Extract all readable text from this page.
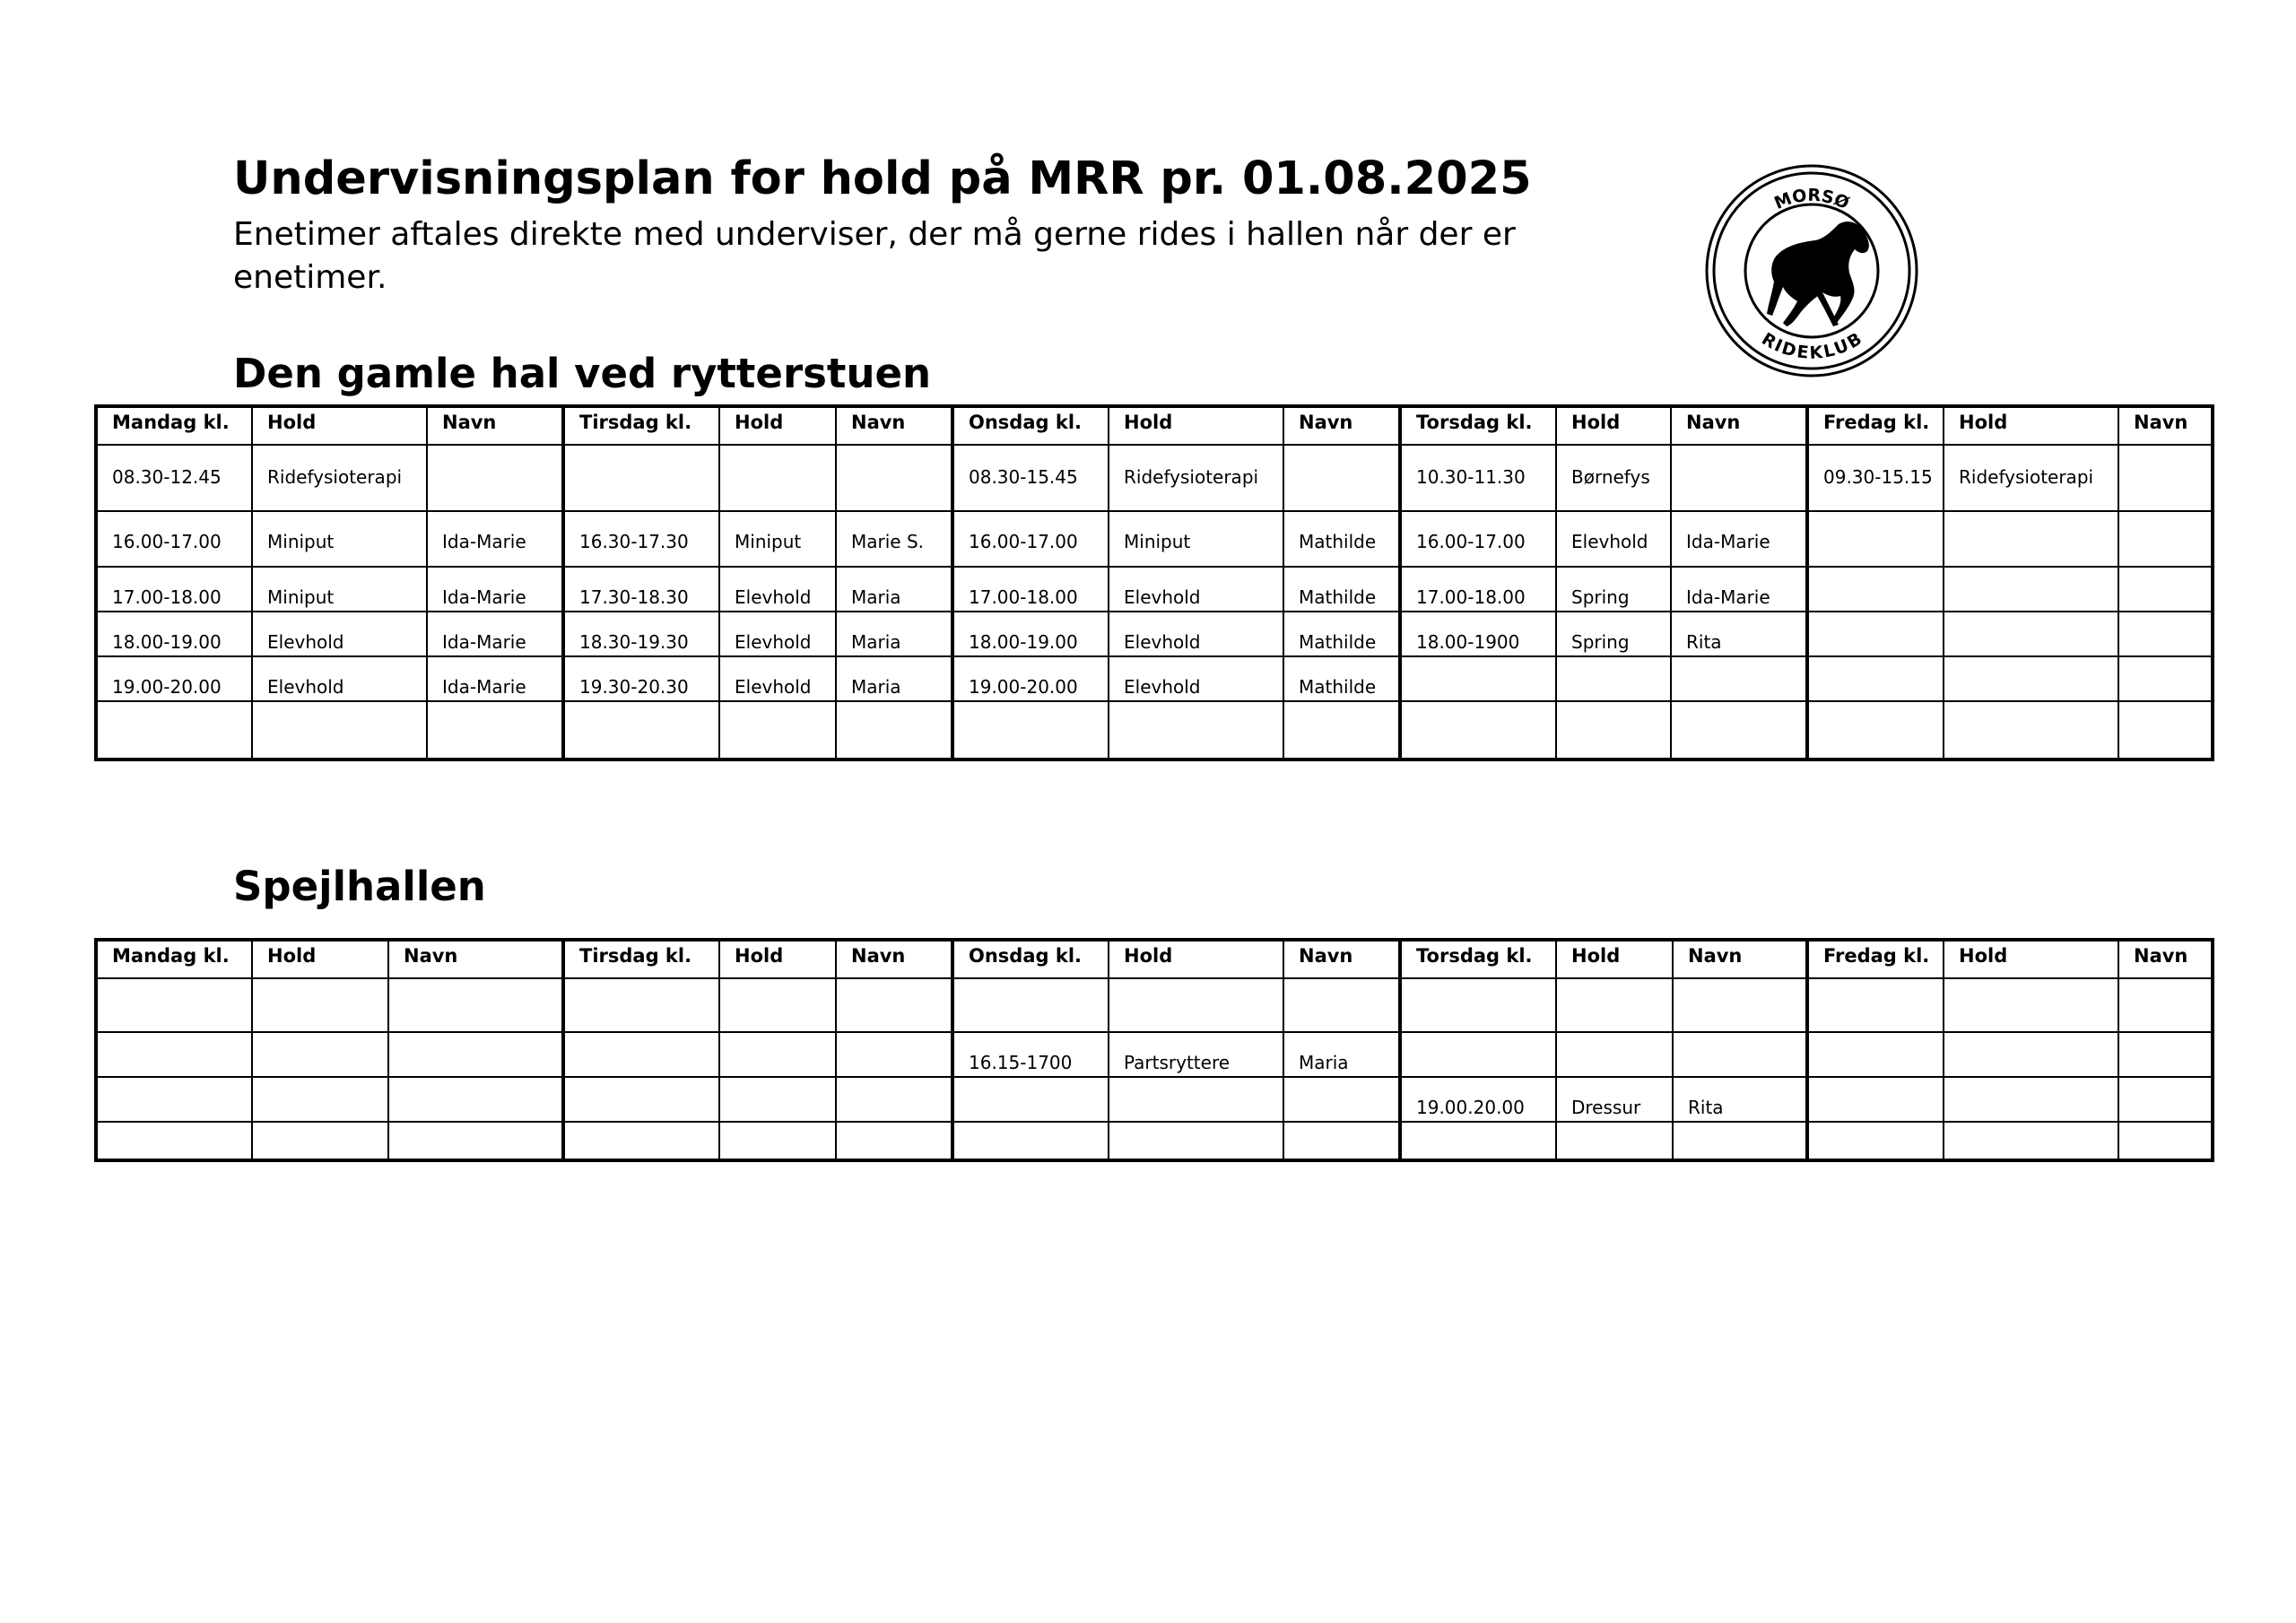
Undervisningsplan for hold på MRR pr. 01.08.2025

Enetimer aftales direkte med underviser, der må gerne rides i hallen når der er enetimer.

MORSØ
RIDEKLUB
Den gamle hal ved rytterstuen
Mandag kl.	Hold	Navn	Tirsdag kl.	Hold	Navn	Onsdag kl.	Hold	Navn	Torsdag kl.	Hold	Navn	Fredag kl.	Hold	Navn
08.30-12.45	Ridefysioterapi					08.30-15.45	Ridefysioterapi		10.30-11.30	Børnefys		09.30-15.15	Ridefysioterapi	
16.00-17.00	Miniput	Ida-Marie	16.30-17.30	Miniput	Marie S.	16.00-17.00	Miniput	Mathilde	16.00-17.00	Elevhold	Ida-Marie			
17.00-18.00	Miniput	Ida-Marie	17.30-18.30	Elevhold	Maria	17.00-18.00	Elevhold	Mathilde	17.00-18.00	Spring	Ida-Marie			
18.00-19.00	Elevhold	Ida-Marie	18.30-19.30	Elevhold	Maria	18.00-19.00	Elevhold	Mathilde	18.00-1900	Spring	Rita			
19.00-20.00	Elevhold	Ida-Marie	19.30-20.30	Elevhold	Maria	19.00-20.00	Elevhold	Mathilde						

Spejlhallen
Mandag kl.	Hold	Navn	Tirsdag kl.	Hold	Navn	Onsdag kl.	Hold	Navn	Torsdag kl.	Hold	Navn	Fredag kl.	Hold	Navn

						16.15-1700	Partsryttere	Maria						
									19.00.20.00	Dressur	Rita			
